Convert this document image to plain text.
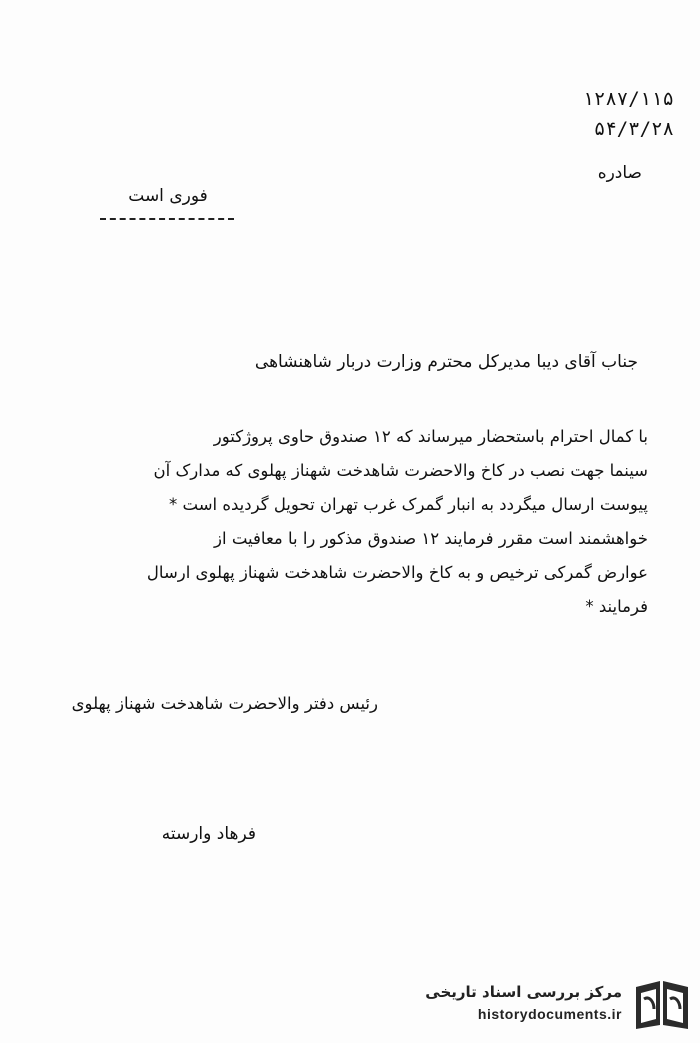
۱۲۸۷/۱۱۵
۵۴/۳/۲۸
صادره
فوری است
جناب آقای دیبا مدیرکل محترم وزارت دربار شاهنشاهی
با کمال احترام باستحضار میرساند که ۱۲ صندوق حاوی پروژکتور
سینما جهت نصب در کاخ والاحضرت شاهدخت شهناز پهلوی که مدارک آن
پیوست ارسال میگردد به انبار گمرک غرب تهران تحویل گردیده است *
خواهشمند است مقرر فرمایند ۱۲ صندوق مذکور را با معافیت از
عوارض گمرکی ترخیص و به کاخ والاحضرت شاهدخت شهناز پهلوی ارسال
فرمایند *
رئیس دفتر والاحضرت شاهدخت شهناز پهلوی
فرهاد وارسته
مرکز بررسی اسناد تاریخی
historydocuments.ir
